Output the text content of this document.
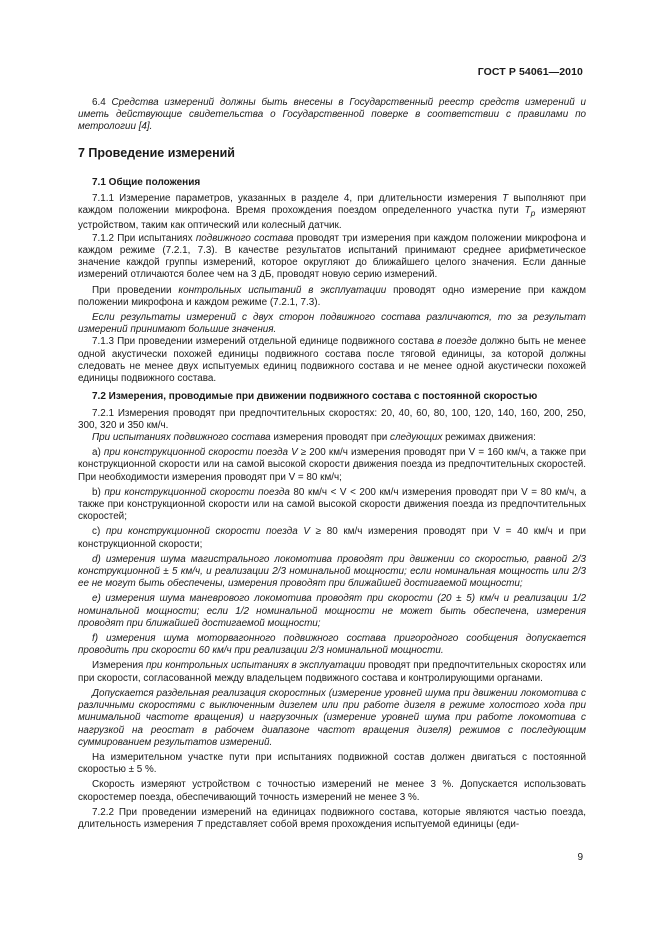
ГОСТ Р 54061—2010

6.4 Средства измерений должны быть внесены в Государственный реестр средств измерений и иметь действующие свидетельства о Государственной поверке в соответствии с правилами по метрологии [4].

7 Проведение измерений
7.1 Общие положения

7.1.1 Измерение параметров, указанных в разделе 4, при длительности измерения T выполняют при каждом положении микрофона. Время прохождения поездом определенного участка пути $T_р$ измеряют устройством, таким как оптический или колесный датчик.

7.1.2 При испытаниях подвижного состава проводят три измерения при каждом положении микрофона и каждом режиме (7.2.1, 7.3). В качестве результатов испытаний принимают среднее арифметическое значение каждой группы измерений, которое округляют до ближайшего целого значения. Если данные измерений отличаются более чем на 3 дБ, проводят новую серию измерений.

При проведении контрольных испытаний в эксплуатации проводят одно измерение при каждом положении микрофона и каждом режиме (7.2.1, 7.3).

Если результаты измерений с двух сторон подвижного состава различаются, то за результат измерений принимают большие значения.

7.1.3 При проведении измерений отдельной единице подвижного состава в поезде должно быть не менее одной акустически похожей единицы подвижного состава после тяговой единицы, за которой должны следовать не менее двух испытуемых единиц подвижного состава и не менее одной акустически похожей единицы подвижного состава.

7.2 Измерения, проводимые при движении подвижного состава с постоянной скоростью

7.2.1 Измерения проводят при предпочтительных скоростях: 20, 40, 60, 80, 100, 120, 140, 160, 200, 250, 300, 320 и 350 км/ч.

При испытаниях подвижного состава измерения проводят при следующих режимах движения:

а) при конструкционной скорости поезда V ≥ 200 км/ч измерения проводят при V = 160 км/ч, а также при конструкционной скорости или на самой высокой скорости движения поезда из предпочтительных скоростей. При необходимости измерения проводят при V = 80 км/ч;

b) при конструкционной скорости поезда 80 км/ч < V < 200 км/ч измерения проводят при V = 80 км/ч, а также при конструкционной скорости или на самой высокой скорости движения поезда из предпочтительных скоростей;

с) при конструкционной скорости поезда V ≥ 80 км/ч измерения проводят при V = 40 км/ч и при конструкционной скорости;

d) измерения шума магистрального локомотива проводят при движении со скоростью, равной 2/3 конструкционной ± 5 км/ч, и реализации 2/3 номинальной мощности; если номинальная мощность или 2/3 ее не могут быть обеспечены, измерения проводят при ближайшей достигаемой мощности;

е) измерения шума маневрового локомотива проводят при скорости (20 ± 5) км/ч и реализации 1/2 номинальной мощности; если 1/2 номинальной мощности не может быть обеспечена, измерения проводят при ближайшей достигаемой мощности;

f) измерения шума моторвагонного подвижного состава пригородного сообщения допускается проводить при скорости 60 км/ч при реализации 2/3 номинальной мощности.

Измерения при контрольных испытаниях в эксплуатации проводят при предпочтительных скоростях или при скорости, согласованной между владельцем подвижного состава и контролирующими органами.

Допускается раздельная реализация скоростных (измерение уровней шума при движении локомотива с различными скоростями с выключенным дизелем или при работе дизеля в режиме холостого хода при минимальной частоте вращения) и нагрузочных (измерение уровней шума при работе локомотива с нагрузкой на реостат в рабочем диапазоне частот вращения дизеля) режимов с последующим суммированием результатов измерений.

На измерительном участке пути при испытаниях подвижной состав должен двигаться с постоянной скоростью ± 5 %.

Скорость измеряют устройством с точностью измерений не менее 3 %. Допускается использовать скоростемер поезда, обеспечивающий точность измерений не менее 3 %.

7.2.2 При проведении измерений на единицах подвижного состава, которые являются частью поезда, длительность измерения T представляет собой время прохождения испытуемой единицы (еди-

9
